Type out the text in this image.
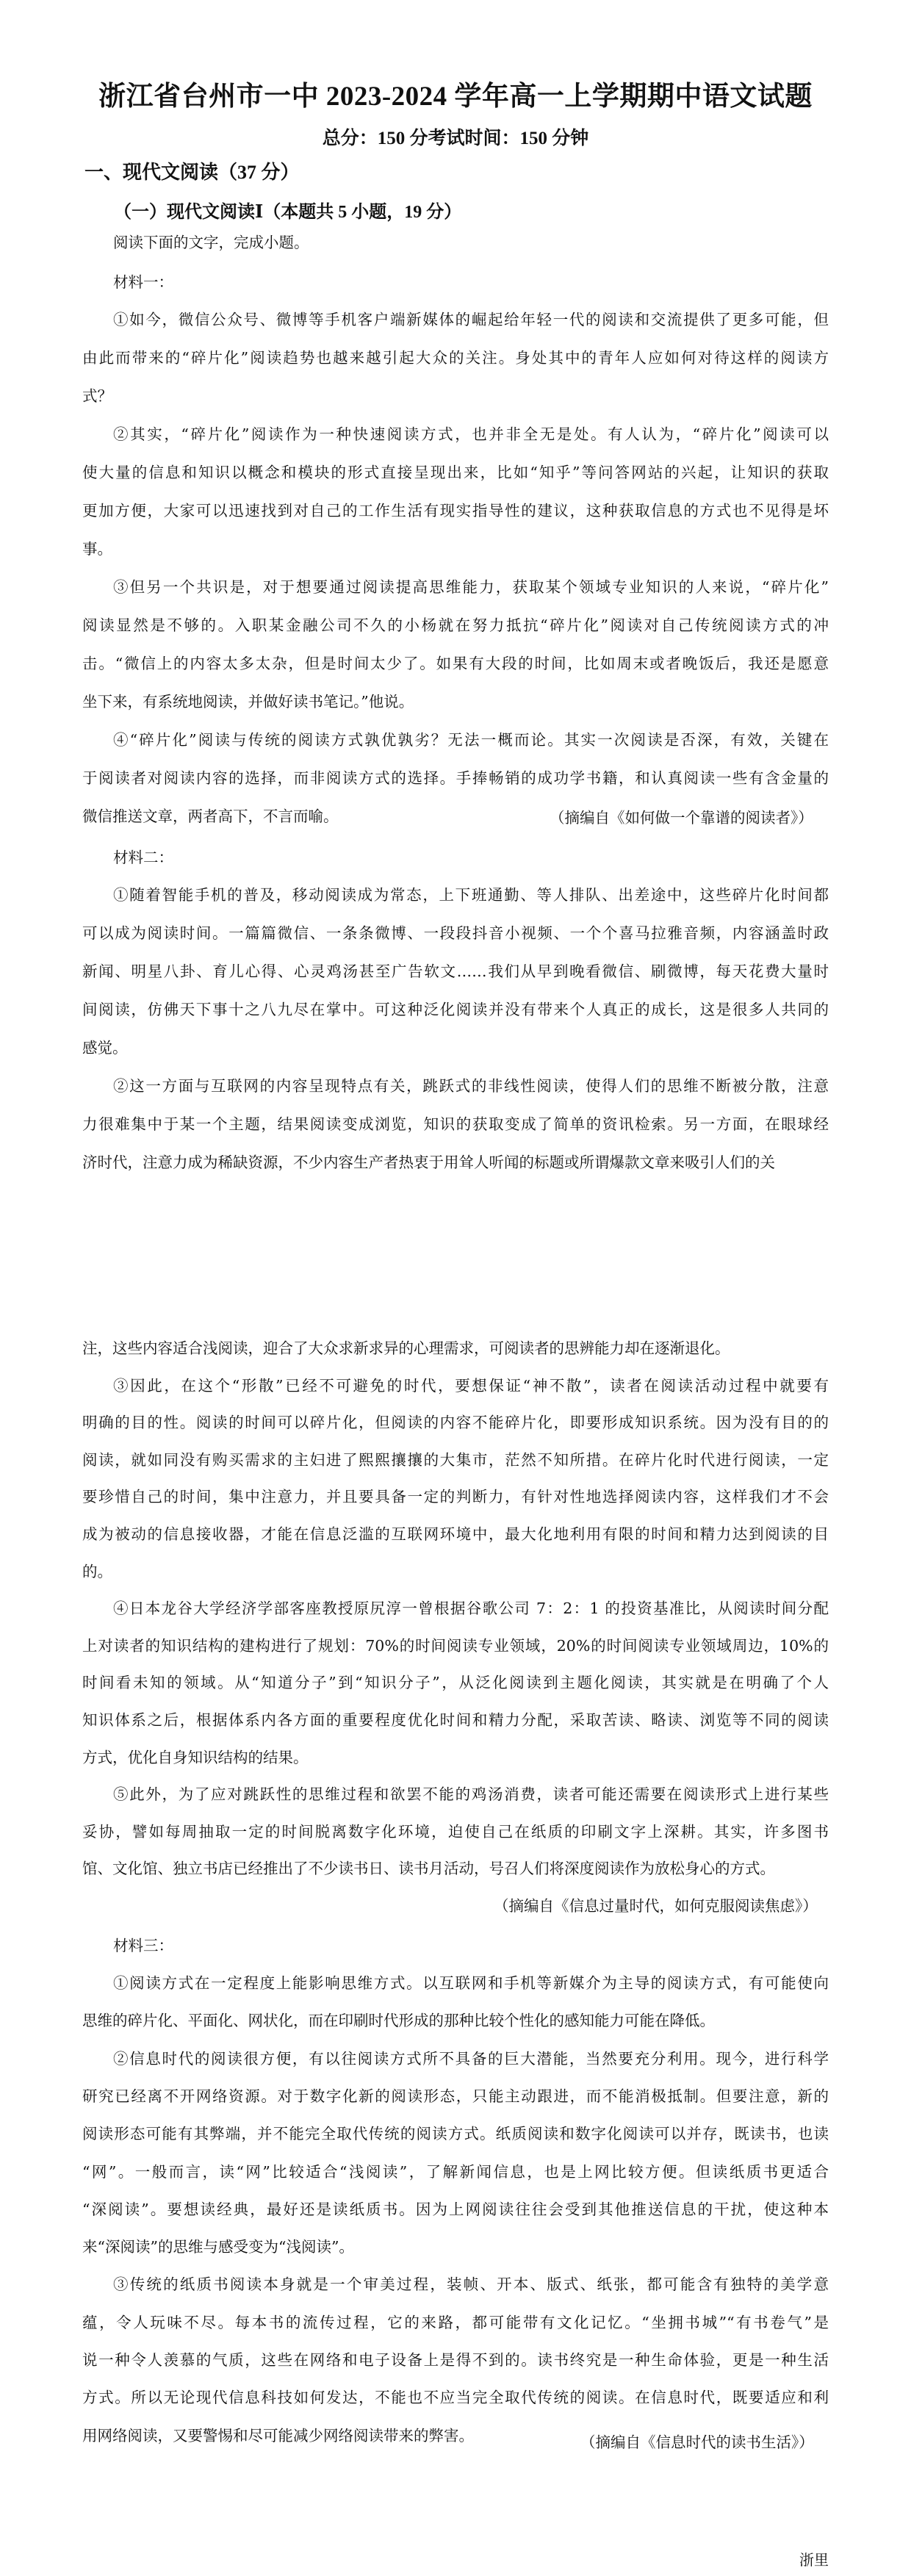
浙江省台州市一中 2023-2024 学年高一上学期期中语文试题
总分：150 分考试时间：150 分钟
一、现代文阅读（37 分）
（一）现代文阅读Ⅰ（本题共 5 小题，19 分）
阅读下面的文字，完成小题。
材料一：
①如今，微信公众号、微博等手机客户端新媒体的崛起给年轻一代的阅读和交流提供了更多可能，但
由此而带来的“碎片化”阅读趋势也越来越引起大众的关注。身处其中的青年人应如何对待这样的阅读方
式？
②其实，“碎片化”阅读作为一种快速阅读方式，也并非全无是处。有人认为，“碎片化”阅读可以
使大量的信息和知识以概念和模块的形式直接呈现出来，比如“知乎”等问答网站的兴起，让知识的获取
更加方便，大家可以迅速找到对自己的工作生活有现实指导性的建议，这种获取信息的方式也不见得是坏
事。
③但另一个共识是，对于想要通过阅读提高思维能力，获取某个领域专业知识的人来说，“碎片化”
阅读显然是不够的。入职某金融公司不久的小杨就在努力抵抗“碎片化”阅读对自己传统阅读方式的冲
击。“微信上的内容太多太杂，但是时间太少了。如果有大段的时间，比如周末或者晚饭后，我还是愿意
坐下来，有系统地阅读，并做好读书笔记。”他说。
④“碎片化”阅读与传统的阅读方式孰优孰劣？无法一概而论。其实一次阅读是否深，有效，关键在
于阅读者对阅读内容的选择，而非阅读方式的选择。手捧畅销的成功学书籍，和认真阅读一些有含金量的
微信推送文章，两者高下，不言而喻。	（摘编自《如何做一个靠谱的阅读者》）
材料二：
①随着智能手机的普及，移动阅读成为常态，上下班通勤、等人排队、出差途中，这些碎片化时间都
可以成为阅读时间。一篇篇微信、一条条微博、一段段抖音小视频、一个个喜马拉雅音频，内容涵盖时政
新闻、明星八卦、育儿心得、心灵鸡汤甚至广告软文……我们从早到晚看微信、刷微博，每天花费大量时
间阅读，仿佛天下事十之八九尽在掌中。可这种泛化阅读并没有带来个人真正的成长，这是很多人共同的
感觉。
②这一方面与互联网的内容呈现特点有关，跳跃式的非线性阅读，使得人们的思维不断被分散，注意
力很难集中于某一个主题，结果阅读变成浏览，知识的获取变成了简单的资讯检索。另一方面，在眼球经
济时代，注意力成为稀缺资源，不少内容生产者热衷于用耸人听闻的标题或所谓爆款文章来吸引人们的关
注，这些内容适合浅阅读，迎合了大众求新求异的心理需求，可阅读者的思辨能力却在逐渐退化。
③因此，在这个“形散”已经不可避免的时代，要想保证“神不散”，读者在阅读活动过程中就要有
明确的目的性。阅读的时间可以碎片化，但阅读的内容不能碎片化，即要形成知识系统。因为没有目的的
阅读，就如同没有购买需求的主妇进了熙熙攘攘的大集市，茫然不知所措。在碎片化时代进行阅读，一定
要珍惜自己的时间，集中注意力，并且要具备一定的判断力，有针对性地选择阅读内容，这样我们才不会
成为被动的信息接收器，才能在信息泛滥的互联网环境中，最大化地利用有限的时间和精力达到阅读的目
的。
④日本龙谷大学经济学部客座教授原尻淳一曾根据谷歌公司 7：2：1 的投资基准比，从阅读时间分配
上对读者的知识结构的建构进行了规划：70%的时间阅读专业领域，20%的时间阅读专业领域周边，10%的
时间看未知的领域。从“知道分子”到“知识分子”，从泛化阅读到主题化阅读，其实就是在明确了个人
知识体系之后，根据体系内各方面的重要程度优化时间和精力分配，采取苦读、略读、浏览等不同的阅读
方式，优化自身知识结构的结果。
⑤此外，为了应对跳跃性的思维过程和欲罢不能的鸡汤消费，读者可能还需要在阅读形式上进行某些
妥协，譬如每周抽取一定的时间脱离数字化环境，迫使自己在纸质的印刷文字上深耕。其实，许多图书
馆、文化馆、独立书店已经推出了不少读书日、读书月活动，号召人们将深度阅读作为放松身心的方式。
（摘编自《信息过量时代，如何克服阅读焦虑》）
材料三：
①阅读方式在一定程度上能影响思维方式。以互联网和手机等新媒介为主导的阅读方式，有可能使向
思维的碎片化、平面化、网状化，而在印刷时代形成的那种比较个性化的感知能力可能在降低。
②信息时代的阅读很方便，有以往阅读方式所不具备的巨大潜能，当然要充分利用。现今，进行科学
研究已经离不开网络资源。对于数字化新的阅读形态，只能主动跟进，而不能消极抵制。但要注意，新的
阅读形态可能有其弊端，并不能完全取代传统的阅读方式。纸质阅读和数字化阅读可以并存，既读书，也读
“网”。一般而言，读“网”比较适合“浅阅读”，了解新闻信息，也是上网比较方便。但读纸质书更适合
“深阅读”。要想读经典，最好还是读纸质书。因为上网阅读往往会受到其他推送信息的干扰，使这种本
来“深阅读”的思维与感受变为“浅阅读”。
③传统的纸质书阅读本身就是一个审美过程，装帧、开本、版式、纸张，都可能含有独特的美学意
蕴，令人玩味不尽。每本书的流传过程，它的来路，都可能带有文化记忆。“坐拥书城”“有书卷气”是
说一种令人羡慕的气质，这些在网络和电子设备上是得不到的。读书终究是一种生命体验，更是一种生活
方式。所以无论现代信息科技如何发达，不能也不应当完全取代传统的阅读。在信息时代，既要适应和利
用网络阅读，又要警惕和尽可能减少网络阅读带来的弊害。	（摘编自《信息时代的读书生活》）
浙里
